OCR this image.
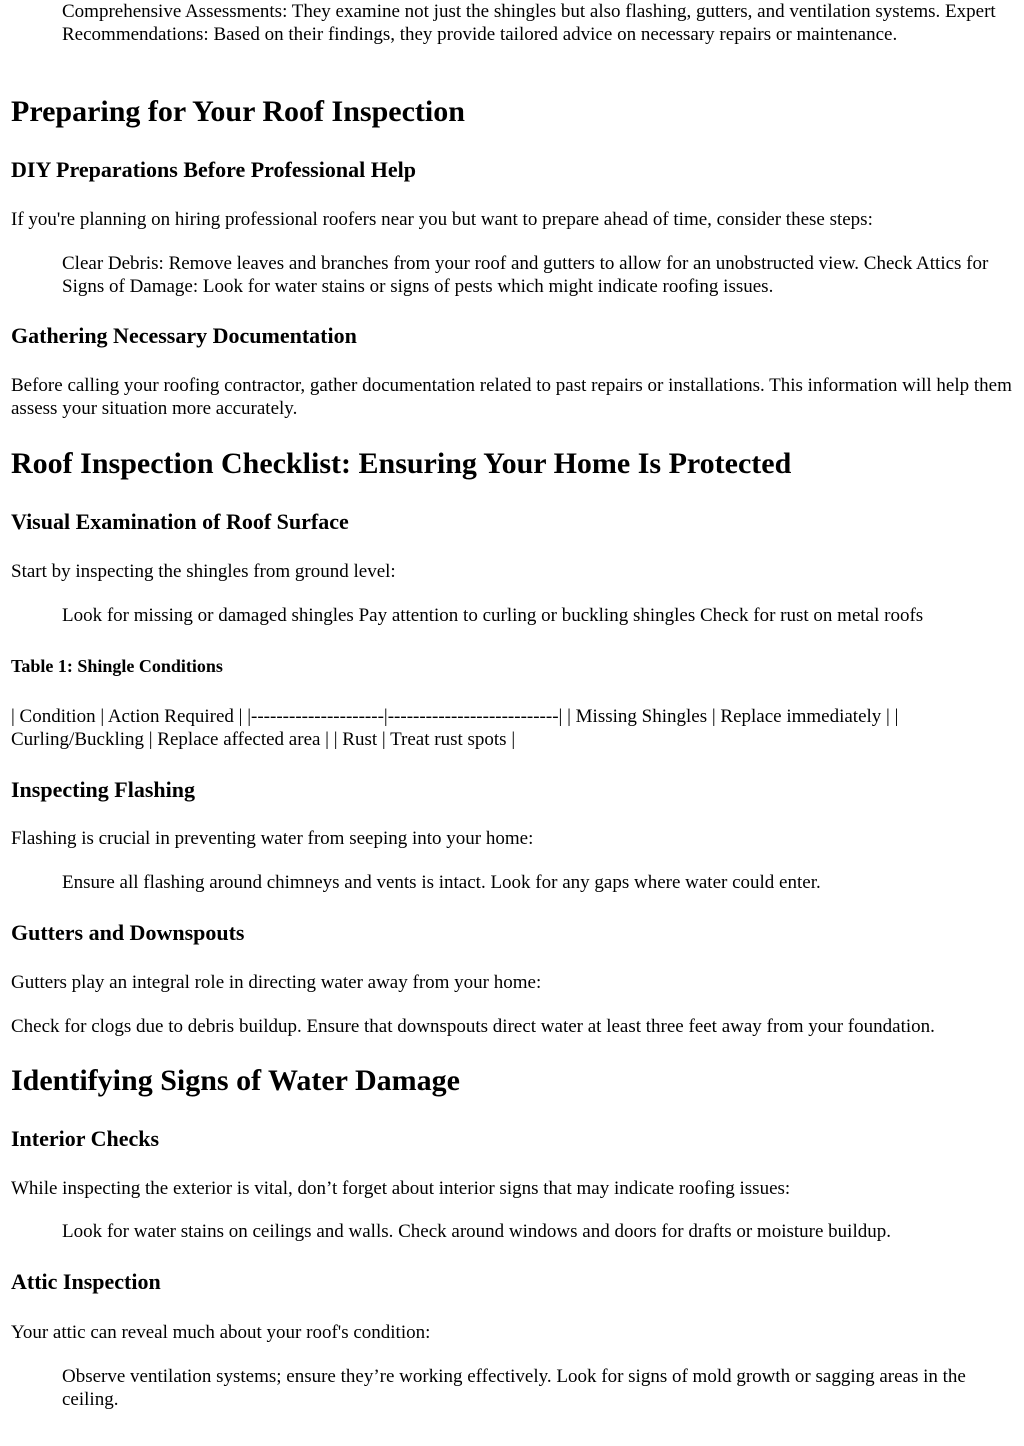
Comprehensive Assessments: They examine not just the shingles but also flashing, gutters, and ventilation systems. Expert Recommendations: Based on their findings, they provide tailored advice on necessary repairs or maintenance.

Preparing for Your Roof Inspection
DIY Preparations Before Professional Help

If you're planning on hiring professional roofers near you but want to prepare ahead of time, consider these steps:

Clear Debris: Remove leaves and branches from your roof and gutters to allow for an unobstructed view. Check Attics for Signs of Damage: Look for water stains or signs of pests which might indicate roofing issues.

Gathering Necessary Documentation

Before calling your roofing contractor, gather documentation related to past repairs or installations. This information will help them assess your situation more accurately.

Roof Inspection Checklist: Ensuring Your Home Is Protected
Visual Examination of Roof Surface

Start by inspecting the shingles from ground level:

Look for missing or damaged shingles Pay attention to curling or buckling shingles Check for rust on metal roofs

Table 1: Shingle Conditions

| Condition | Action Required | |---------------------|---------------------------| | Missing Shingles | Replace immediately | | Curling/Buckling | Replace affected area | | Rust | Treat rust spots |

Inspecting Flashing

Flashing is crucial in preventing water from seeping into your home:

Ensure all flashing around chimneys and vents is intact. Look for any gaps where water could enter.

Gutters and Downspouts

Gutters play an integral role in directing water away from your home:

Check for clogs due to debris buildup. Ensure that downspouts direct water at least three feet away from your foundation.

Identifying Signs of Water Damage
Interior Checks

While inspecting the exterior is vital, don’t forget about interior signs that may indicate roofing issues:

Look for water stains on ceilings and walls. Check around windows and doors for drafts or moisture buildup.

Attic Inspection

Your attic can reveal much about your roof's condition:

Observe ventilation systems; ensure they’re working effectively. Look for signs of mold growth or sagging areas in the ceiling.
